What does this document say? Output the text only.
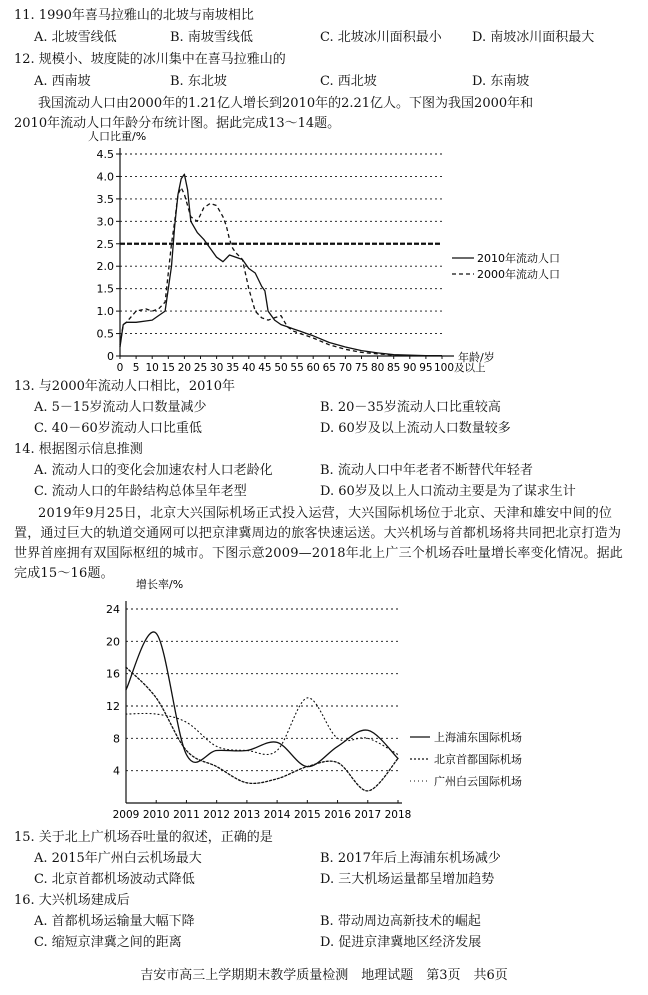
11. 1990年喜马拉雅山的北坡与南坡相比
A. 北坡雪线低	B. 南坡雪线低	C. 北坡冰川面积最小 D. 南坡冰川面积最大
12. 规模小、坡度陡的冰川集中在喜马拉雅山的
A. 西南坡	B. 东北坡	C. 西北坡	D. 东南坡
我国流动人口由2000年的1.21亿人增长到2010年的2.21亿人。下图为我国2000年和
2010年流动人口年龄分布统计图。据此完成13～14题。
0
0.5
1.0
1.5
2.0
2.5
3.0
3.5
4.0
4.5
0 5 10 15 20 25 30 35 40 45 50 55 60 65 70 75 80 85 90 95 100及以上
人口比重/%
年龄/岁
2010年流动人口
2000年流动人口
13. 与2000年流动人口相比，2010年
A. 5－15岁流动人口数量减少	B. 20－35岁流动人口比重较高
C. 40－60岁流动人口比重低	D. 60岁及以上流动人口数量较多
14. 根据图示信息推测
A. 流动人口的变化会加速农村人口老龄化	B. 流动人口中年老者不断替代年轻者
C. 流动人口的年龄结构总体呈年老型	D. 60岁及以上人口流动主要是为了谋求生计
2019年9月25日，北京大兴国际机场正式投入运营，大兴国际机场位于北京、天津和雄安中间的位置，通过巨大的轨道交通网可以把京津冀周边的旅客快速运送。大兴机场与首都机场将共同把北京打造为世界首座拥有双国际枢纽的城市。下图示意2009—2018年北上广三个机场吞吐量增长率变化情况。据此完成15～16题。
4
8
12
16
20
24
2009 2010 2011 2012 2013 2014 2015 2016 2017 2018
增长率/%
上海浦东国际机场
北京首都国际机场
广州白云国际机场
15. 关于北上广机场吞吐量的叙述，正确的是
A. 2015年广州白云机场最大	B. 2017年后上海浦东机场减少
C. 北京首都机场波动式降低	D. 三大机场运量都呈增加趋势
16. 大兴机场建成后
A. 首都机场运输量大幅下降	B. 带动周边高新技术的崛起
C. 缩短京津冀之间的距离	D. 促进京津冀地区经济发展
吉安市高三上学期期末教学质量检测　地理试题　第3页　共6页
